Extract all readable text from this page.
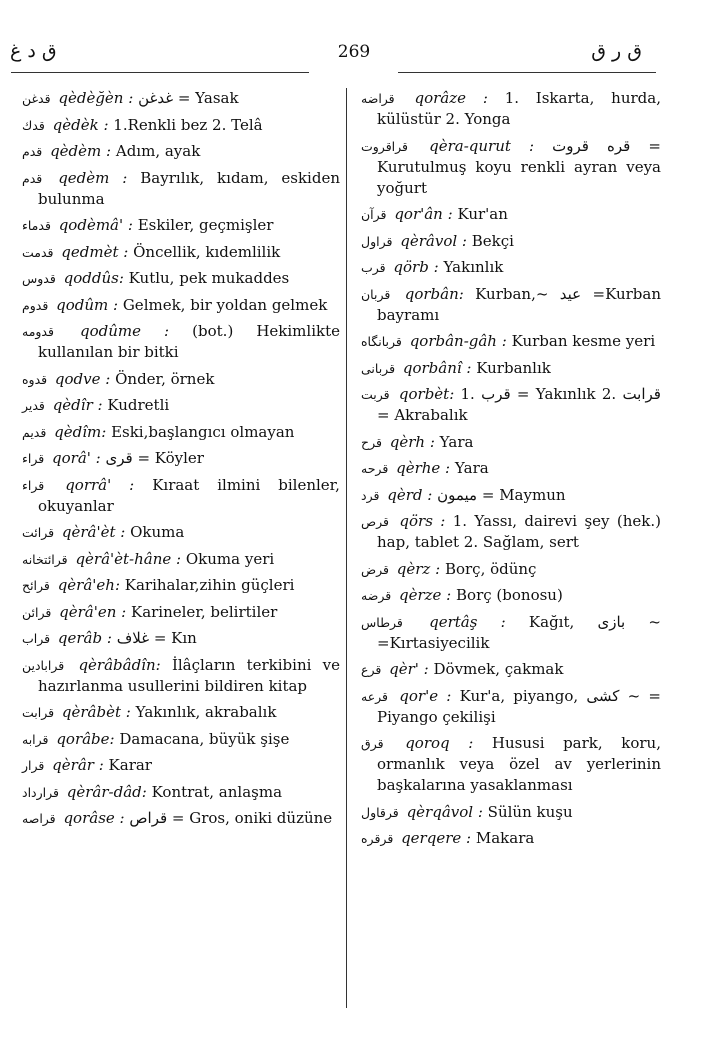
ق د غ	269	ق ر ق
قدغن qèdèğèn : غدغن = Yasak
قدك qèdèk : 1.Renkli bez 2. Telâ
قدم qèdèm : Adım, ayak
قدم qedèm : Bayrılık, kıdam, eskiden bulunma
قدماء qodèmâ' : Eskiler, geçmişler
قدمت qedmèt : Öncellik, kıdemlilik
قدوس qoddûs: Kutlu, pek mukaddes
قدوم qodûm : Gelmek, bir yoldan gelmek
قدومه qodûme : (bot.) Hekimlikte kullanılan bir bitki
قدوه qodve : Önder, örnek
قدير qèdîr : Kudretli
قديم qèdîm: Eski,başlangıcı olmayan
قراء qorâ' : قرى = Köyler
قراء qorrâ' : Kıraat ilmini bilenler, okuyanlar
قرائت qèrâ'èt : Okuma
قرائتخانه qèrâ'èt-hâne : Okuma yeri
قرائح qèrâ'eh: Karihalar,zihin güçleri
قرائن qèrâ'en : Karineler, belirtiler
قراب qerâb : غلاف = Kın
قرابادين qèrâbâdîn: İlâçların terkibini ve hazırlanma usullerini bildiren kitap
قرابت qèrâbèt : Yakınlık, akrabalık
قرابه qorâbe: Damacana, büyük şişe
قرار qèrâr : Karar
قرارداد qèrâr-dâd: Kontrat, anlaşma
قراصه qorâse : قراص = Gros, oniki düzüne
قراضه qorâze : 1. Iskarta, hurda, külüstür 2. Yonga
قراقروت qèra-qurut : قره قروت = Kurutulmuş koyu renkli ayran veya yoğurt
قرآن qor'ân : Kur'an
قراول qèrâvol : Bekçi
قرب qörb : Yakınlık
قربان qorbân: Kurban,~ عيد =Kurban bayramı
قربانگاه qorbân-gâh : Kurban kesme yeri
قربانى qorbânî : Kurbanlık
قربت qorbèt: 1. قرب = Yakınlık 2. قرابت = Akrabalık
قرح qèrh : Yara
قرحه qèrhe : Yara
قرد qèrd : ميمون = Maymun
قرص qörs : 1. Yassı, dairevi şey (hek.) hap, tablet 2. Sağlam, sert
قرض qèrz : Borç, ödünç
قرضه qèrze : Borç (bonosu)
قرطاس qertâş : Kağıt, بازى ~ =Kırtasiyecilik
قرع qèr' : Dövmek, çakmak
قرعه qor'e : Kur'a, piyango, كشى ~ = Piyango çekilişi
قرق qoroq : Hususi park, koru, ormanlık veya özel av yerlerinin başkalarına yasaklanması
قرقاول qèrqâvol : Sülün kuşu
قرقره qerqere : Makara
